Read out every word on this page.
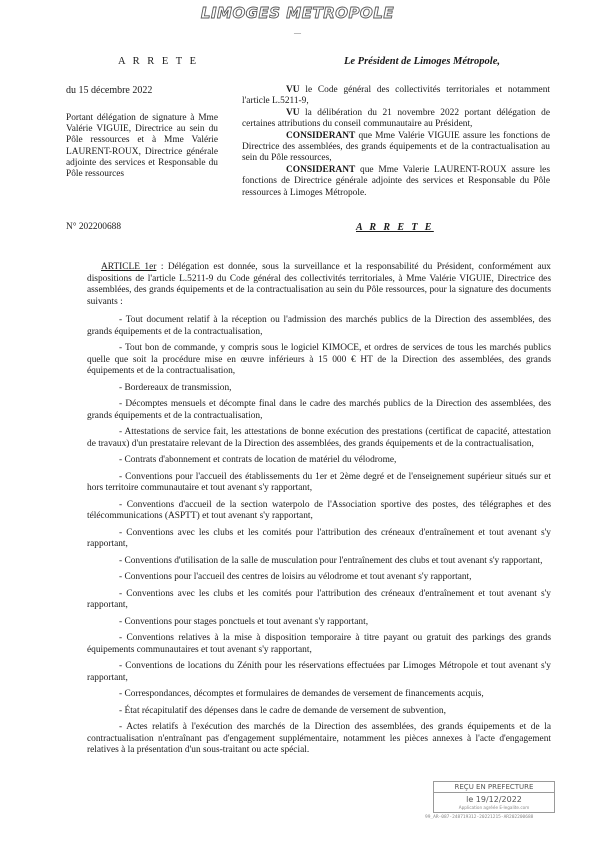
LIMOGES METROPOLE
—
A R R E T E	Le Président de Limoges Métropole,
du 15 décembre 2022
Portant délégation de signature à Mme Valérie VIGUIE, Directrice au sein du Pôle ressources et à Mme Valérie LAURENT-ROUX, Directrice générale adjointe des services et Responsable du Pôle ressources

VU le Code général des collectivités territoriales et notamment l'article L.5211-9,

VU la délibération du 21 novembre 2022 portant délégation de certaines attributions du conseil communautaire au Président,

CONSIDERANT que Mme Valérie VIGUIE assure les fonctions de Directrice des assemblées, des grands équipements et de la contractualisation au sein du Pôle ressources,

CONSIDERANT que Mme Valerie LAURENT-ROUX assure les fonctions de Directrice générale adjointe des services et Responsable du Pôle ressources à Limoges Métropole.

N° 202200688	A R R E T E

ARTICLE 1er : Délégation est donnée, sous la surveillance et la responsabilité du Président, conformément aux dispositions de l'article L.5211-9 du Code général des collectivités territoriales, à Mme Valérie VIGUIE, Directrice des assemblées, des grands équipements et de la contractualisation au sein du Pôle ressources, pour la signature des documents suivants :

- Tout document relatif à la réception ou l'admission des marchés publics de la Direction des assemblées, des grands équipements et de la contractualisation,

- Tout bon de commande, y compris sous le logiciel KIMOCE, et ordres de services de tous les marchés publics quelle que soit la procédure mise en œuvre inférieurs à 15 000 € HT de la Direction des assemblées, des grands équipements et de la contractualisation,

- Bordereaux de transmission,

- Décomptes mensuels et décompte final dans le cadre des marchés publics de la Direction des assemblées, des grands équipements et de la contractualisation,

- Attestations de service fait, les attestations de bonne exécution des prestations (certificat de capacité, attestation de travaux) d'un prestataire relevant de la Direction des assemblées, des grands équipements et de la contractualisation,

- Contrats d'abonnement et contrats de location de matériel du vélodrome,

- Conventions pour l'accueil des établissements du 1er et 2ème degré et de l'enseignement supérieur situés sur et hors territoire communautaire et tout avenant s'y rapportant,

- Conventions d'accueil de la section waterpolo de l'Association sportive des postes, des télégraphes et des télécommunications (ASPTT) et tout avenant s'y rapportant,

- Conventions avec les clubs et les comités pour l'attribution des créneaux d'entraînement et tout avenant s'y rapportant,

- Conventions d'utilisation de la salle de musculation pour l'entraînement des clubs et tout avenant s'y rapportant,

- Conventions pour l'accueil des centres de loisirs au vélodrome et tout avenant s'y rapportant,

- Conventions avec les clubs et les comités pour l'attribution des créneaux d'entraînement et tout avenant s'y rapportant,

- Conventions pour stages ponctuels et tout avenant s'y rapportant,

- Conventions relatives à la mise à disposition temporaire à titre payant ou gratuit des parkings des grands équipements communautaires et tout avenant s'y rapportant,

- Conventions de locations du Zénith pour les réservations effectuées par Limoges Métropole et tout avenant s'y rapportant,

- Correspondances, décomptes et formulaires de demandes de versement de financements acquis,

- État récapitulatif des dépenses dans le cadre de demande de versement de subvention,

- Actes relatifs à l'exécution des marchés de la Direction des assemblées, des grands équipements et de la contractualisation n'entraînant pas d'engagement supplémentaire, notamment les pièces annexes à l'acte d'engagement relatives à la présentation d'un sous-traitant ou acte spécial.

REÇU EN PREFECTURE
le 19/12/2022
Application agréée E-legalite.com
99_AR-087-248719312-20221215-AR202200688
